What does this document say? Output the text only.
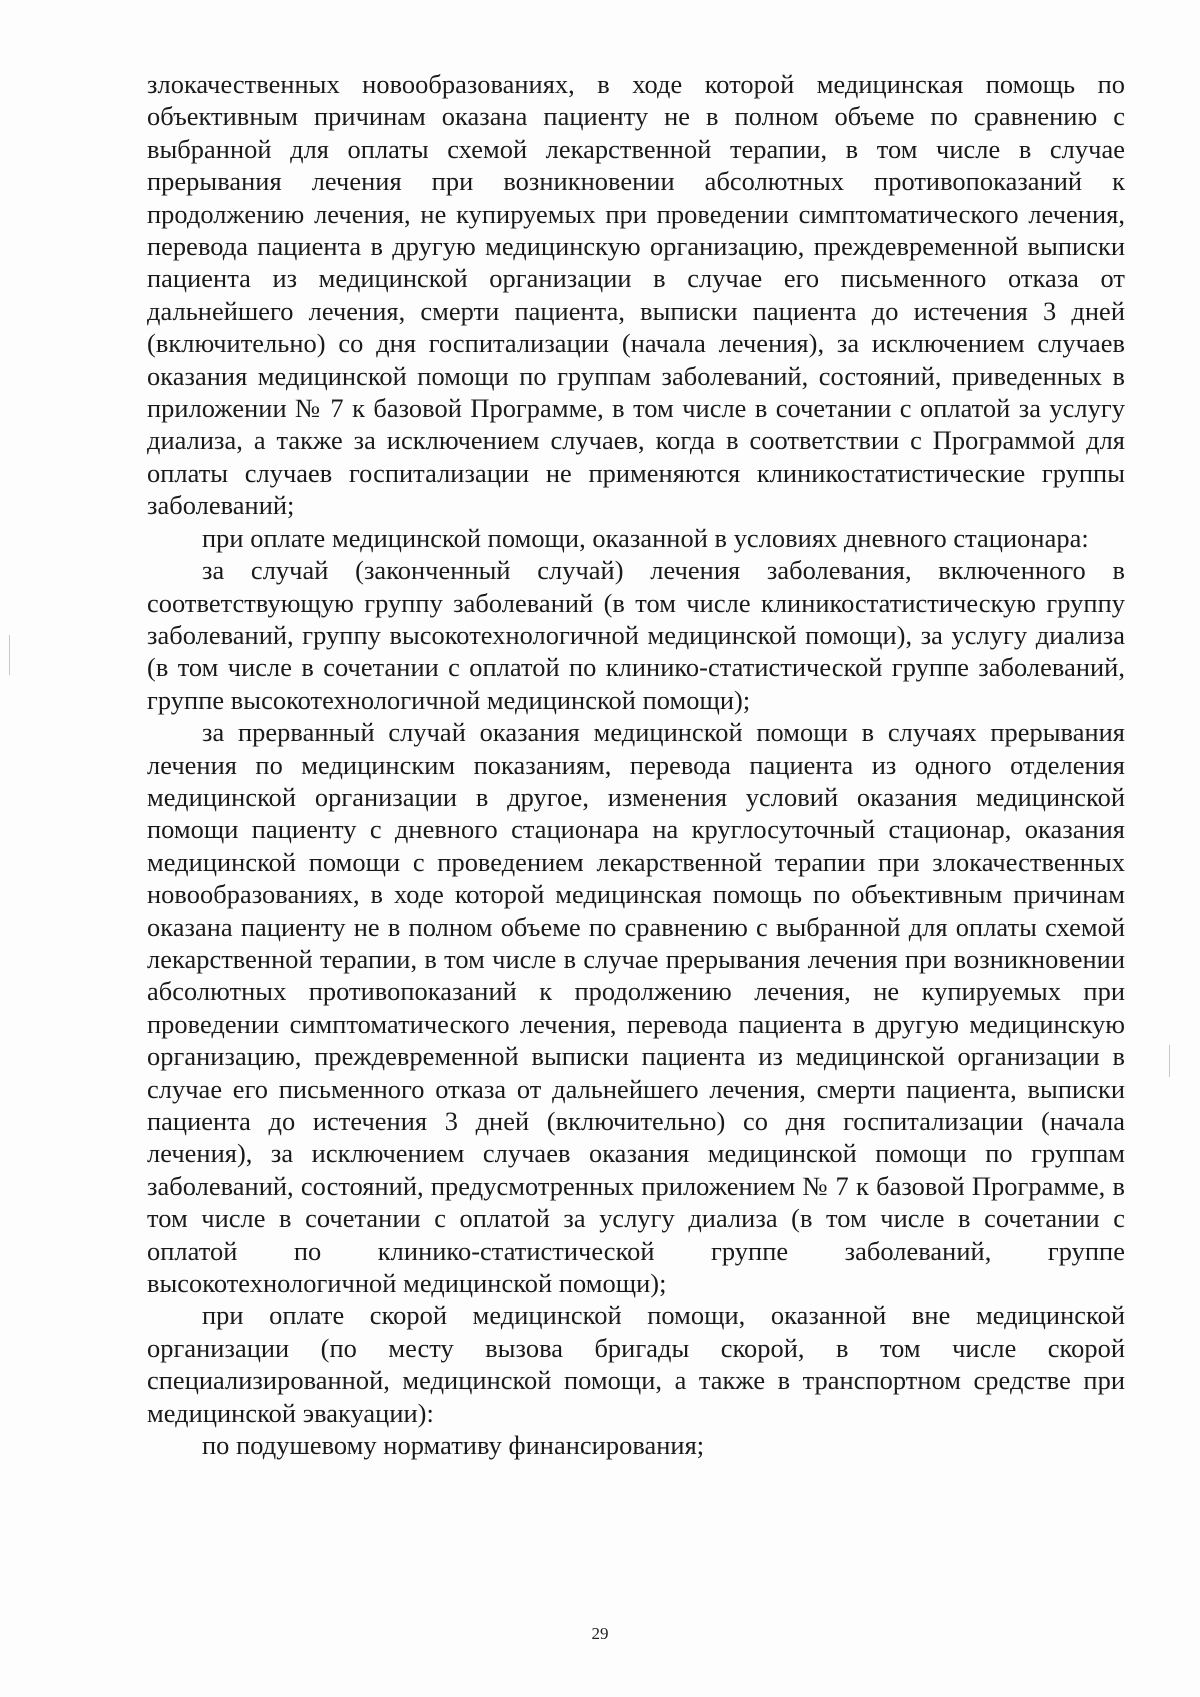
злокачественных новообразованиях, в ходе которой медицинская помощь по объективным причинам оказана пациенту не в полном объеме по сравнению с выбранной для оплаты схемой лекарственной терапии, в том числе в случае прерывания лечения при возникновении абсолютных противопоказаний к продолжению лечения, не купируемых при проведении симптоматического лечения, перевода пациента в другую медицинскую организацию, преждевременной выписки пациента из медицинской организации в случае его письменного отказа от дальнейшего лечения, смерти пациента, выписки пациента до истечения 3 дней (включительно) со дня госпитализации (начала лечения), за исключением случаев оказания медицинской помощи по группам заболеваний, состояний, приведенных в приложении № 7 к базовой Программе, в том числе в сочетании с оплатой за услугу диализа, а также за исключением случаев, когда в соответствии с Программой для оплаты случаев госпитализации не применяются клиникостатистические группы заболеваний;

при оплате медицинской помощи, оказанной в условиях дневного стационара:

за случай (законченный случай) лечения заболевания, включенного в соответствующую группу заболеваний (в том числе клиникостатистическую группу заболеваний, группу высокотехнологичной медицинской помощи), за услугу диализа (в том числе в сочетании с оплатой по клинико-статистической группе заболеваний, группе высокотехнологичной медицинской помощи);

за прерванный случай оказания медицинской помощи в случаях прерывания лечения по медицинским показаниям, перевода пациента из одного отделения медицинской организации в другое, изменения условий оказания медицинской помощи пациенту с дневного стационара на круглосуточный стационар, оказания медицинской помощи с проведением лекарственной терапии при злокачественных новообразованиях, в ходе которой медицинская помощь по объективным причинам оказана пациенту не в полном объеме по сравнению с выбранной для оплаты схемой лекарственной терапии, в том числе в случае прерывания лечения при возникновении абсолютных противопоказаний к продолжению лечения, не купируемых при проведении симптоматического лечения, перевода пациента в другую медицинскую организацию, преждевременной выписки пациента из медицинской организации в случае его письменного отказа от дальнейшего лечения, смерти пациента, выписки пациента до истечения 3 дней (включительно) со дня госпитализации (начала лечения), за исключением случаев оказания медицинской помощи по группам заболеваний, состояний, предусмотренных приложением № 7 к базовой Программе, в том числе в сочетании с оплатой за услугу диализа (в том числе в сочетании с оплатой по клинико-статистической группе заболеваний, группе высокотехнологичной медицинской помощи);

при оплате скорой медицинской помощи, оказанной вне медицинской организации (по месту вызова бригады скорой, в том числе скорой специализированной, медицинской помощи, а также в транспортном средстве при медицинской эвакуации):

по подушевому нормативу финансирования;

29
